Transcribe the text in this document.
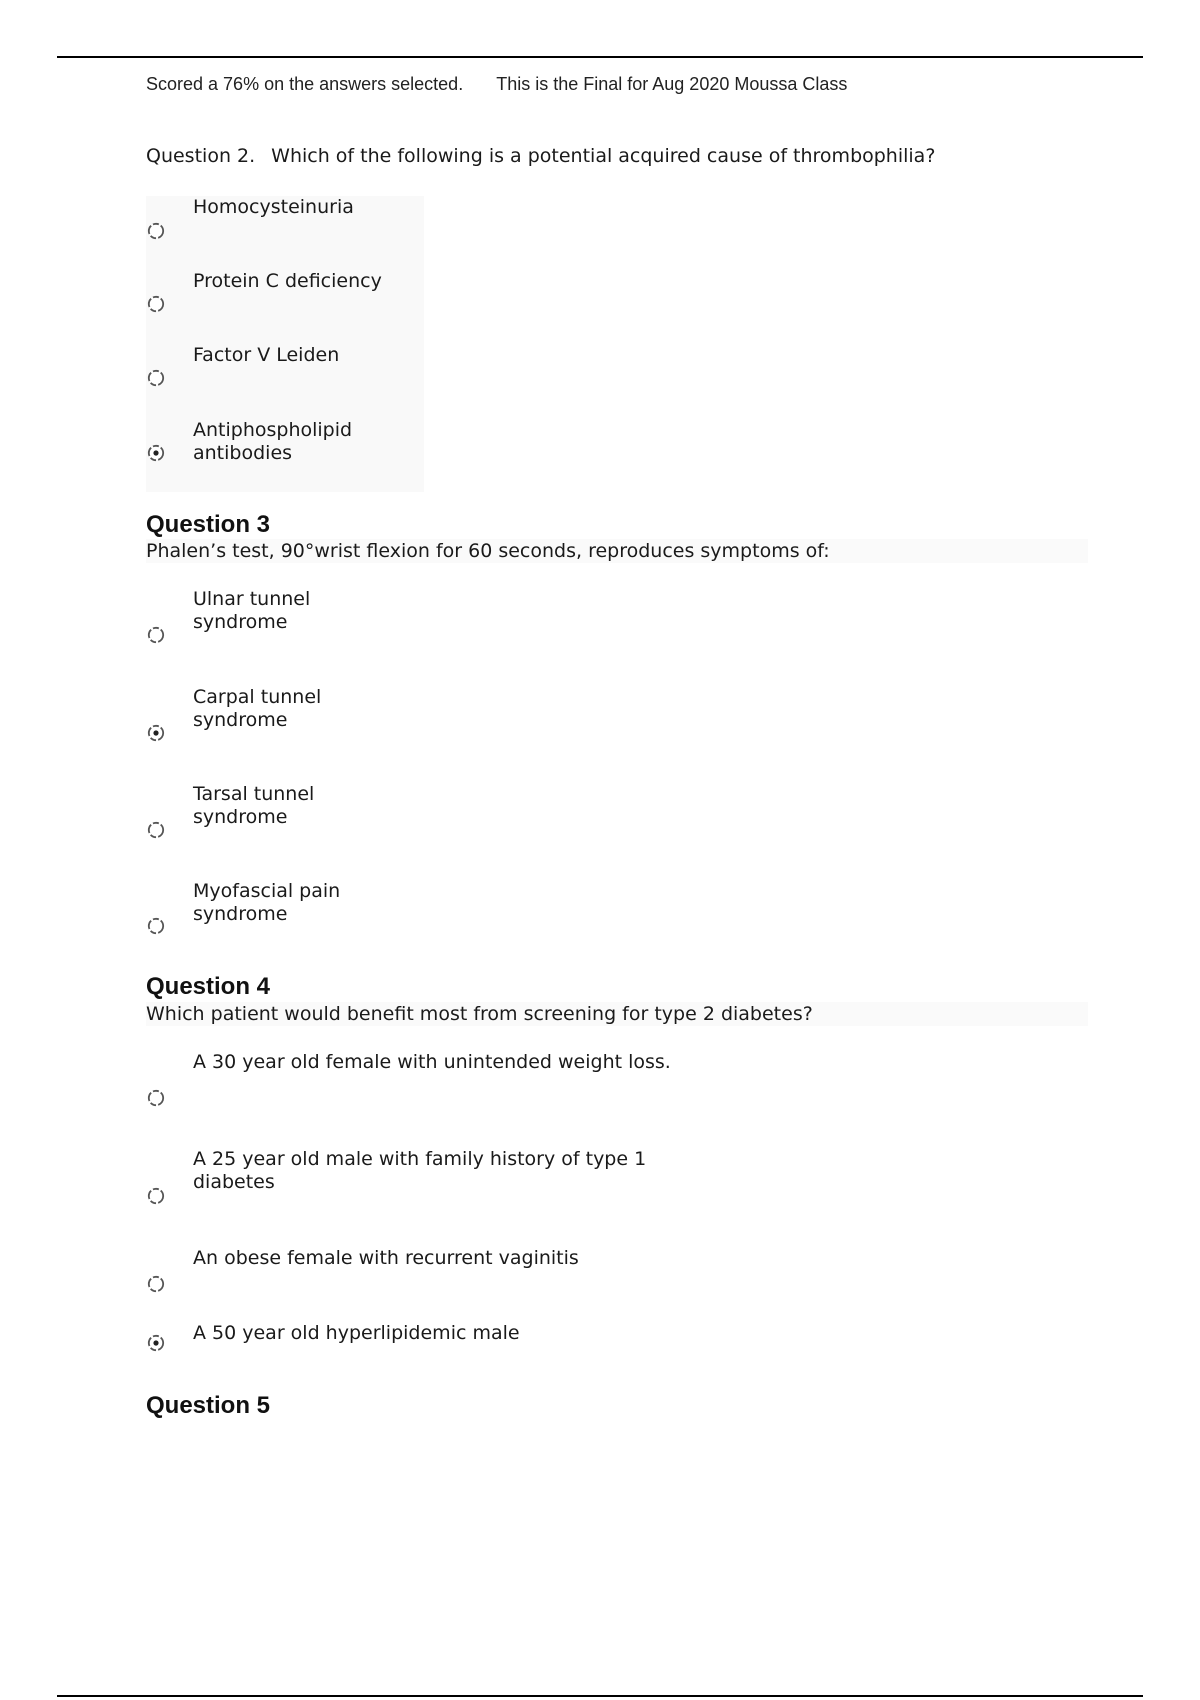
Scored a 76% on the answers selected. This is the Final for Aug 2020 Moussa Class
Question 2. Which of the following is a potential acquired cause of thrombophilia?
Homocysteinuria
Protein C deficiency
Factor V Leiden
Antiphospholipid antibodies
Question 3
Phalen’s test, 90°wrist flexion for 60 seconds, reproduces symptoms of:
Ulnar tunnel syndrome
Carpal tunnel syndrome
Tarsal tunnel syndrome
Myofascial pain syndrome
Question 4
Which patient would benefit most from screening for type 2 diabetes?
A 30 year old female with unintended weight loss.
A 25 year old male with family history of type 1 diabetes
An obese female with recurrent vaginitis
A 50 year old hyperlipidemic male
Question 5
